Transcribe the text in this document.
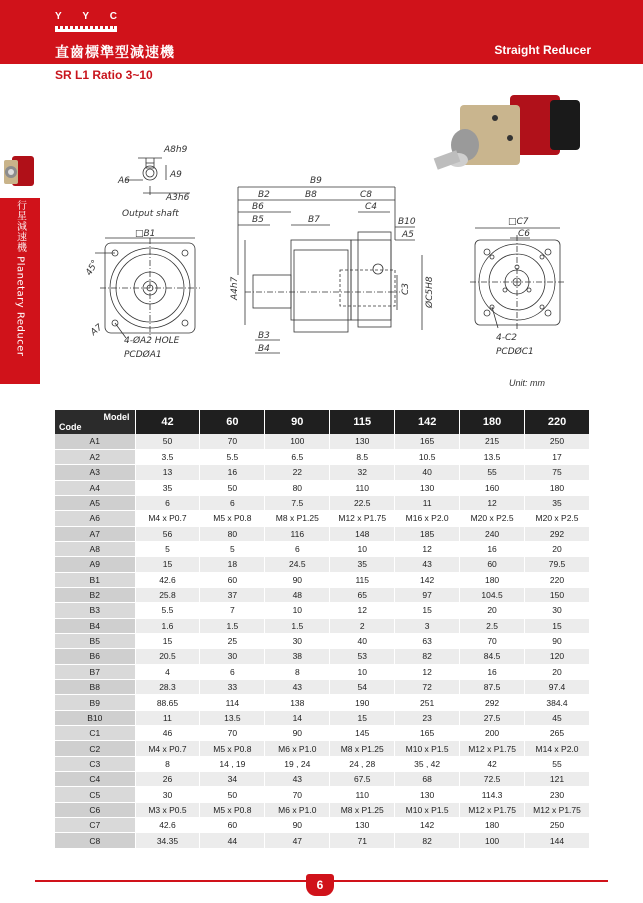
Y Y C
直齒標準型減速機	Straight Reducer
SR L1 Ratio 3~10
行星減速機 Planetary Reducer
A8h9
A6
A9
A3h6
Output shaft
□B1
45°
A7
4-ØA2 HOLE
PCDØA1
B9
B2	B8	C8
B6	C4
B5	B7	B10
A5
A4h7	C3 ØC5H8
B3
B4
□C7
C6
4-C2
PCDØC1
Unit: mm
Model
Code	42	60	90	115	142	180	220
A1	50	70	100	130	165	215	250
A2	3.5	5.5	6.5	8.5	10.5	13.5	17
A3	13	16	22	32	40	55	75
A4	35	50	80	110	130	160	180
A5	6	6	7.5	22.5	11	12	35
A6	M4 x P0.7	M5 x P0.8	M8 x P1.25	M12 x P1.75	M16 x P2.0	M20 x P2.5	M20 x P2.5
A7	56	80	116	148	185	240	292
A8	5	5	6	10	12	16	20
A9	15	18	24.5	35	43	60	79.5
B1	42.6	60	90	115	142	180	220
B2	25.8	37	48	65	97	104.5	150
B3	5.5	7	10	12	15	20	30
B4	1.6	1.5	1.5	2	3	2.5	15
B5	15	25	30	40	63	70	90
B6	20.5	30	38	53	82	84.5	120
B7	4	6	8	10	12	16	20
B8	28.3	33	43	54	72	87.5	97.4
B9	88.65	114	138	190	251	292	384.4
B10	11	13.5	14	15	23	27.5	45
C1	46	70	90	145	165	200	265
C2	M4 x P0.7	M5 x P0.8	M6 x P1.0	M8 x P1.25	M10 x P1.5	M12 x P1.75	M14 x P2.0
C3	8	14 , 19	19 , 24	24 , 28	35 , 42	42	55
C4	26	34	43	67.5	68	72.5	121
C5	30	50	70	110	130	114.3	230
C6	M3 x P0.5	M5 x P0.8	M6 x P1.0	M8 x P1.25	M10 x P1.5	M12 x P1.75	M12 x P1.75
C7	42.6	60	90	130	142	180	250
C8	34.35	44	47	71	82	100	144
6
